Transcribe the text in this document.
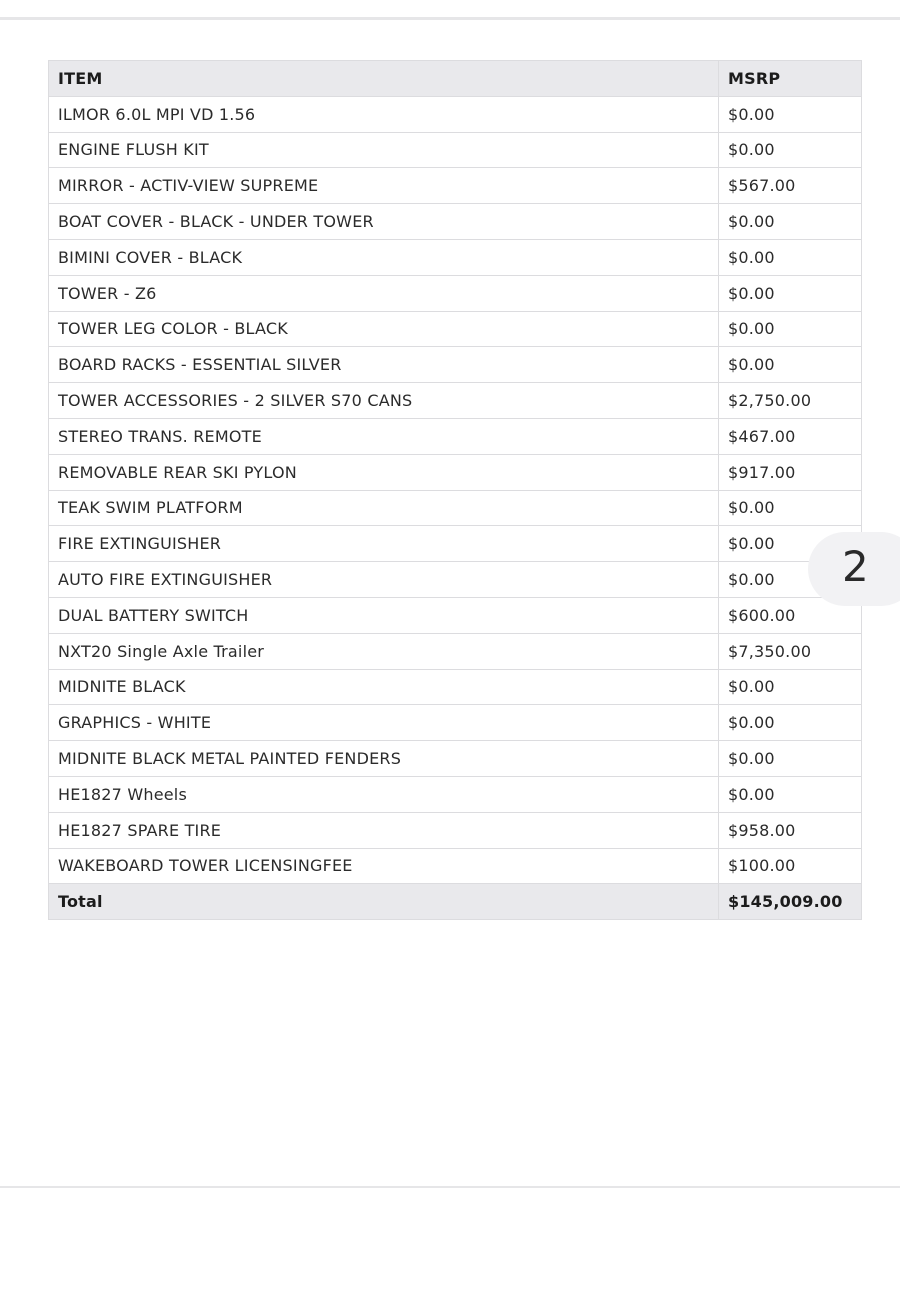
ITEM	MSRP
ILMOR 6.0L MPI VD 1.56	$0.00
ENGINE FLUSH KIT	$0.00
MIRROR - ACTIV-VIEW SUPREME	$567.00
BOAT COVER - BLACK - UNDER TOWER	$0.00
BIMINI COVER - BLACK	$0.00
TOWER - Z6	$0.00
TOWER LEG COLOR - BLACK	$0.00
BOARD RACKS - ESSENTIAL SILVER	$0.00
TOWER ACCESSORIES - 2 SILVER S70 CANS	$2,750.00
STEREO TRANS. REMOTE	$467.00
REMOVABLE REAR SKI PYLON	$917.00
TEAK SWIM PLATFORM	$0.00
FIRE EXTINGUISHER	$0.00
AUTO FIRE EXTINGUISHER	$0.00
DUAL BATTERY SWITCH	$600.00
NXT20 Single Axle Trailer	$7,350.00
MIDNITE BLACK	$0.00
GRAPHICS - WHITE	$0.00
MIDNITE BLACK METAL PAINTED FENDERS	$0.00
HE1827 Wheels	$0.00
HE1827 SPARE TIRE	$958.00
WAKEBOARD TOWER LICENSINGFEE	$100.00
Total	$145,009.00
2
